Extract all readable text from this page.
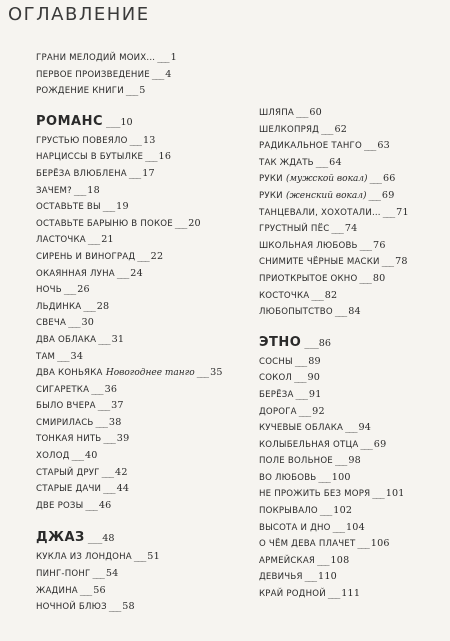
ОГЛАВЛЕНИЕ
ГРАНИ МЕЛОДИЙ МОИХ... ___ 1
ПЕРВОЕ ПРОИЗВЕДЕНИЕ ___ 4
РОЖДЕНИЕ КНИГИ ___ 5
РОМАНС ___10
ГРУСТЬЮ ПОВЕЯЛО ___ 13
НАРЦИССЫ В БУТЫЛКЕ ___ 16
БЕРЁЗА ВЛЮБЛЕНА ___ 17
ЗАЧЕМ? ___ 18
ОСТАВЬТЕ ВЫ ___ 19
ОСТАВЬТЕ БАРЫНЮ В ПОКОЕ ___ 20
ЛАСТОЧКА ___ 21
СИРЕНЬ И ВИНОГРАД ___ 22
ОКАЯННАЯ ЛУНА ___ 24
НОЧЬ ___ 26
ЛЬДИНКА ___ 28
СВЕЧА ___ 30
ДВА ОБЛАКА ___ 31
ТАМ ___ 34
ДВА КОНЬЯКА Новогоднее танго ___ 35
СИГАРЕТКА ___ 36
БЫЛО ВЧЕРА ___ 37
СМИРИЛАСЬ ___ 38
ТОНКАЯ НИТЬ ___ 39
ХОЛОД ___ 40
СТАРЫЙ ДРУГ ___ 42
СТАРЫЕ ДАЧИ ___ 44
ДВЕ РОЗЫ ___ 46
ДЖАЗ ___48
КУКЛА ИЗ ЛОНДОНА ___ 51
ПИНГ-ПОНГ ___ 54
ЖАДИНА ___ 56
НОЧНОЙ БЛЮЗ ___ 58
ШЛЯПА ___ 60
ШЕЛКОПРЯД ___ 62
РАДИКАЛЬНОЕ ТАНГО ___ 63
ТАК ЖДАТЬ ___ 64
РУКИ (мужской вокал) ___ 66
РУКИ (женский вокал) ___ 69
ТАНЦЕВАЛИ, ХОХОТАЛИ... ___ 71
ГРУСТНЫЙ ПЁС ___ 74
ШКОЛЬНАЯ ЛЮБОВЬ ___ 76
СНИМИТЕ ЧЁРНЫЕ МАСКИ ___ 78
ПРИОТКРЫТОЕ ОКНО ___ 80
КОСТОЧКА ___ 82
ЛЮБОПЫТСТВО ___ 84
ЭТНО ___86
СОСНЫ ___ 89
СОКОЛ ___ 90
БЕРЁЗА ___ 91
ДОРОГА ___ 92
КУЧЕВЫЕ ОБЛАКА ___ 94
КОЛЫБЕЛЬНАЯ ОТЦА ___ 69
ПОЛЕ ВОЛЬНОЕ ___ 98
ВО ЛЮБОВЬ ___ 100
НЕ ПРОЖИТЬ БЕЗ МОРЯ ___ 101
ПОКРЫВАЛО ___ 102
ВЫСОТА И ДНО ___ 104
О ЧЁМ ДЕВА ПЛАЧЕТ ___ 106
АРМЕЙСКАЯ ___ 108
ДЕВИЧЬЯ ___ 110
КРАЙ РОДНОЙ ___ 111
